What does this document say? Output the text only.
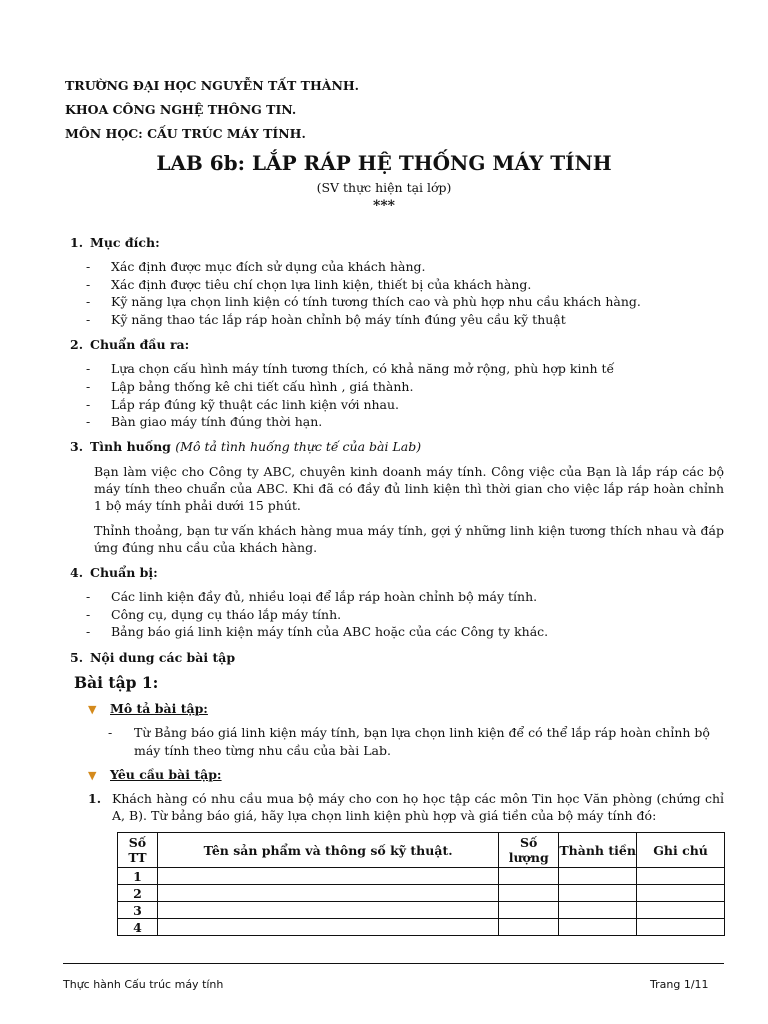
TRƯỜNG ĐẠI HỌC NGUYỄN TẤT THÀNH.
KHOA CÔNG NGHỆ THÔNG TIN.
MÔN HỌC: CẤU TRÚC MÁY TÍNH.
LAB 6b: LẮP RÁP HỆ THỐNG MÁY TÍNH
(SV thực hiện tại lớp)
***
1. Mục đích:
- Xác định được mục đích sử dụng của khách hàng.
- Xác định được tiêu chí chọn lựa linh kiện, thiết bị của khách hàng.
- Kỹ năng lựa chọn linh kiện có tính tương thích cao và phù hợp nhu cầu khách hàng.
- Kỹ năng thao tác lắp ráp hoàn chỉnh bộ máy tính đúng yêu cầu kỹ thuật
2. Chuẩn đầu ra:
- Lựa chọn cấu hình máy tính tương thích, có khả năng mở rộng, phù hợp kinh tế
- Lập bảng thống kê chi tiết cấu hình , giá thành.
- Lắp ráp đúng kỹ thuật các linh kiện với nhau.
- Bàn giao máy tính đúng thời hạn.
3. Tình huống (Mô tả tình huống thực tế của bài Lab)
Bạn làm việc cho Công ty ABC, chuyên kinh doanh máy tính. Công việc của Bạn là lắp ráp các bộ máy tính theo chuẩn của ABC. Khi đã có đầy đủ linh kiện thì thời gian cho việc lắp ráp hoàn chỉnh 1 bộ máy tính phải dưới 15 phút.
Thỉnh thoảng, bạn tư vấn khách hàng mua máy tính, gợi ý những linh kiện tương thích nhau và đáp ứng đúng nhu cầu của khách hàng.
4. Chuẩn bị:
- Các linh kiện đầy đủ, nhiều loại để lắp ráp hoàn chỉnh bộ máy tính.
- Công cụ, dụng cụ tháo lắp máy tính.
- Bảng báo giá linh kiện máy tính của ABC hoặc của các Công ty khác.
5. Nội dung các bài tập
Bài tập 1:
▼ Mô tả bài tập:
-	Từ Bảng báo giá linh kiện máy tính, bạn lựa chọn linh kiện để có thể lắp ráp hoàn chỉnh bộ máy tính theo từng nhu cầu của bài Lab.
▼ Yêu cầu bài tập:
1. Khách hàng có nhu cầu mua bộ máy cho con họ học tập các môn Tin học Văn phòng (chứng chỉ A, B). Từ bảng báo giá, hãy lựa chọn linh kiện phù hợp và giá tiền của bộ máy tính đó:
Số TT	Tên sản phẩm và thông số kỹ thuật.	Số lượng	Thành tiền	Ghi chú
1				
2				
3				
4				
Thực hành Cấu trúc máy tính	Trang 1/11
